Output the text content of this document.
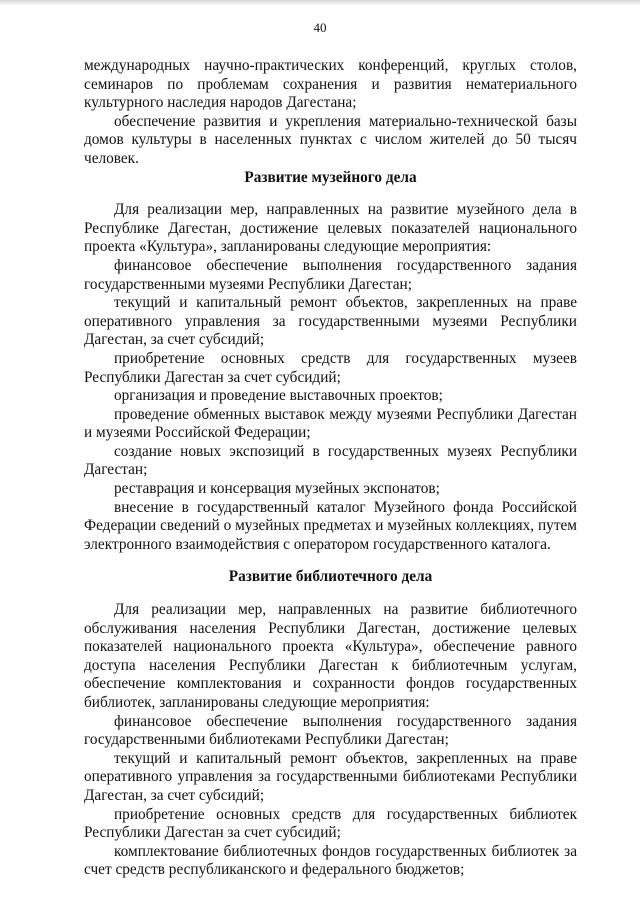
40

международных научно-практических конференций, круглых столов, семинаров по проблемам сохранения и развития нематериального культурного наследия народов Дагестана;

обеспечение развития и укрепления материально-технической базы домов культуры в населенных пунктах с числом жителей до 50 тысяч человек.

Развитие музейного дела

Для реализации мер, направленных на развитие музейного дела в Республике Дагестан, достижение целевых показателей национального проекта «Культура», запланированы следующие мероприятия:

финансовое обеспечение выполнения государственного задания государственными музеями Республики Дагестан;

текущий и капитальный ремонт объектов, закрепленных на праве оперативного управления за государственными музеями Республики Дагестан, за счет субсидий;

приобретение основных средств для государственных музеев Республики Дагестан за счет субсидий;

организация и проведение выставочных проектов;

проведение обменных выставок между музеями Республики Дагестан и музеями Российской Федерации;

создание новых экспозиций в государственных музеях Республики Дагестан;

реставрация и консервация музейных экспонатов;

внесение в государственный каталог Музейного фонда Российской Федерации сведений о музейных предметах и музейных коллекциях, путем электронного взаимодействия с оператором государственного каталога.

Развитие библиотечного дела

Для реализации мер, направленных на развитие библиотечного обслуживания населения Республики Дагестан, достижение целевых показателей национального проекта «Культура», обеспечение равного доступа населения Республики Дагестан к библиотечным услугам, обеспечение комплектования и сохранности фондов государственных библиотек, запланированы следующие мероприятия:

финансовое обеспечение выполнения государственного задания государственными библиотеками Республики Дагестан;

текущий и капитальный ремонт объектов, закрепленных на праве оперативного управления за государственными библиотеками Республики Дагестан, за счет субсидий;

приобретение основных средств для государственных библиотек Республики Дагестан за счет субсидий;

комплектование библиотечных фондов государственных библиотек за счет средств республиканского и федерального бюджетов;
